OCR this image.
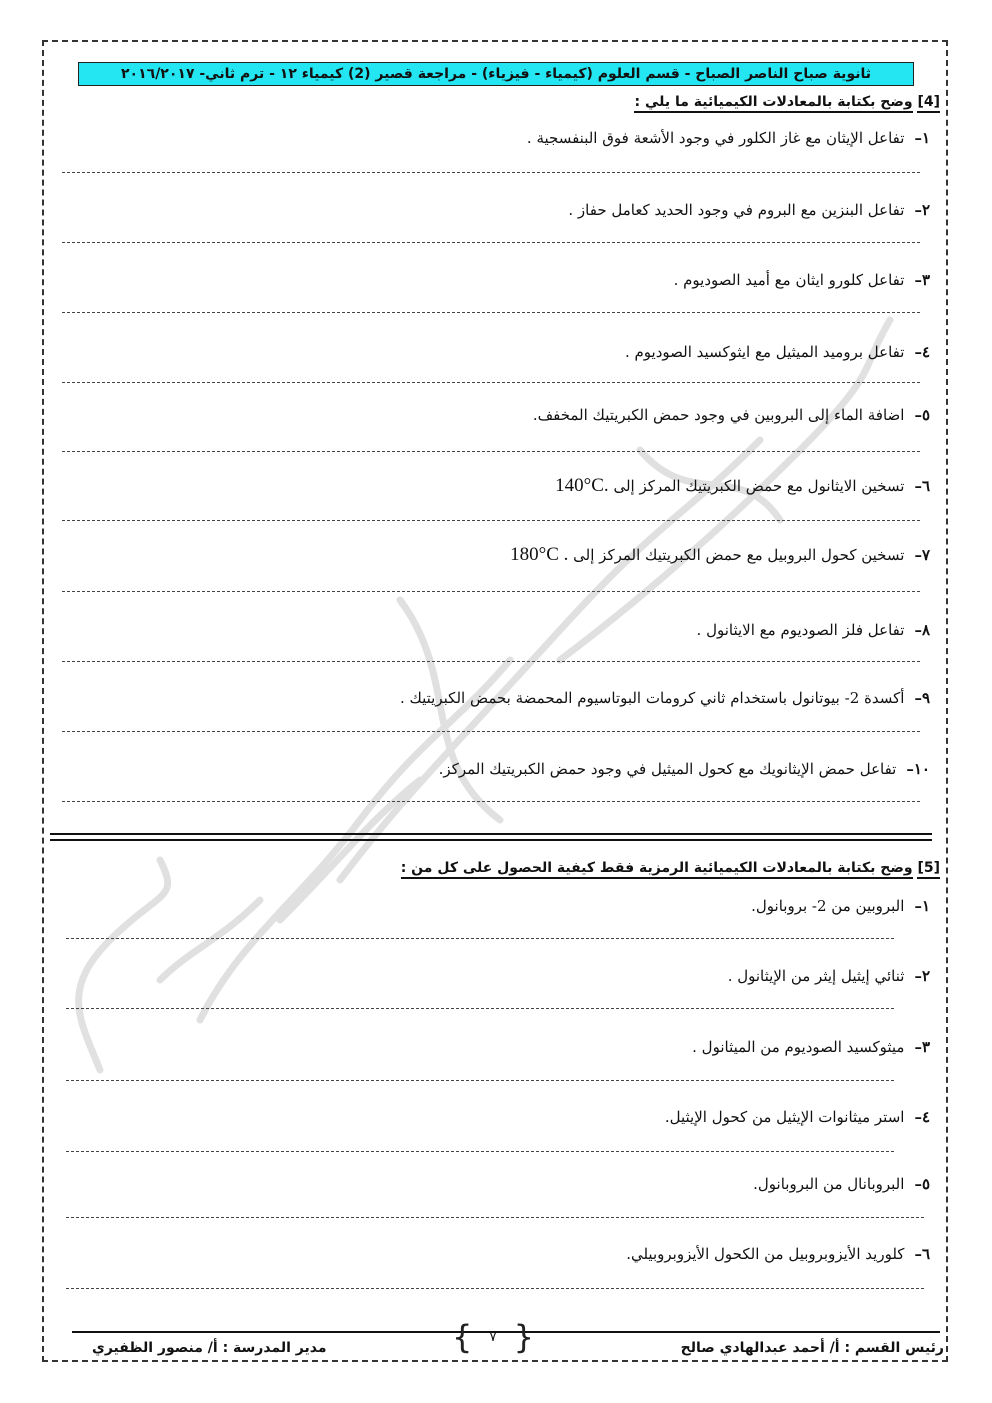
ثانوية صباح الناصر الصباح - قسم العلوم (كيمياء - فيزياء) - مراجعة قصير (2) كيمياء ١٢ - ترم ثاني- ٢٠١٦/٢٠١٧
[4] وضح بكتابة بالمعادلات الكيميائية ما يلي :
١–تفاعل الإيثان مع غاز الكلور في وجود الأشعة فوق البنفسجية .
٢–تفاعل البنزين مع البروم في وجود الحديد كعامل حفاز .
٣–تفاعل كلورو ايثان مع أميد الصوديوم .
٤–تفاعل بروميد الميثيل مع ايثوكسيد الصوديوم .
٥–اضافة الماء إلى البروبين في وجود حمض الكبريتيك المخفف.
٦–تسخين الايثانول مع حمض الكبريتيك المركز إلى 140°C.
٧–تسخين كحول البروبيل مع حمض الكبريتيك المركز إلى 180°C .
٨–تفاعل فلز الصوديوم مع الايثانول .
٩–أكسدة 2- بيوتانول باستخدام ثاني كرومات البوتاسيوم المحمضة بحمض الكبريتيك .
١٠–تفاعل حمض الإيثانويك مع كحول الميثيل في وجود حمض الكبريتيك المركز.
[5] وضح بكتابة بالمعادلات الكيميائية الرمزية فقط كيفية الحصول على كل من :
١–البروبين من 2- بروبانول.
٢–ثنائي إيثيل إيثر من الإيثانول .
٣–ميثوكسيد الصوديوم من الميثانول .
٤–استر ميثانوات الإيثيل من كحول الإيثيل.
٥–البروبانال من البروبانول.
٦–كلوريد الأيزوبروبيل من الكحول الأيزوبروبيلي.
رئيس القسم : أ/ أحمد عبدالهادي صالح
مدير المدرسة : أ/ منصور الظفيري	{	٧ }
